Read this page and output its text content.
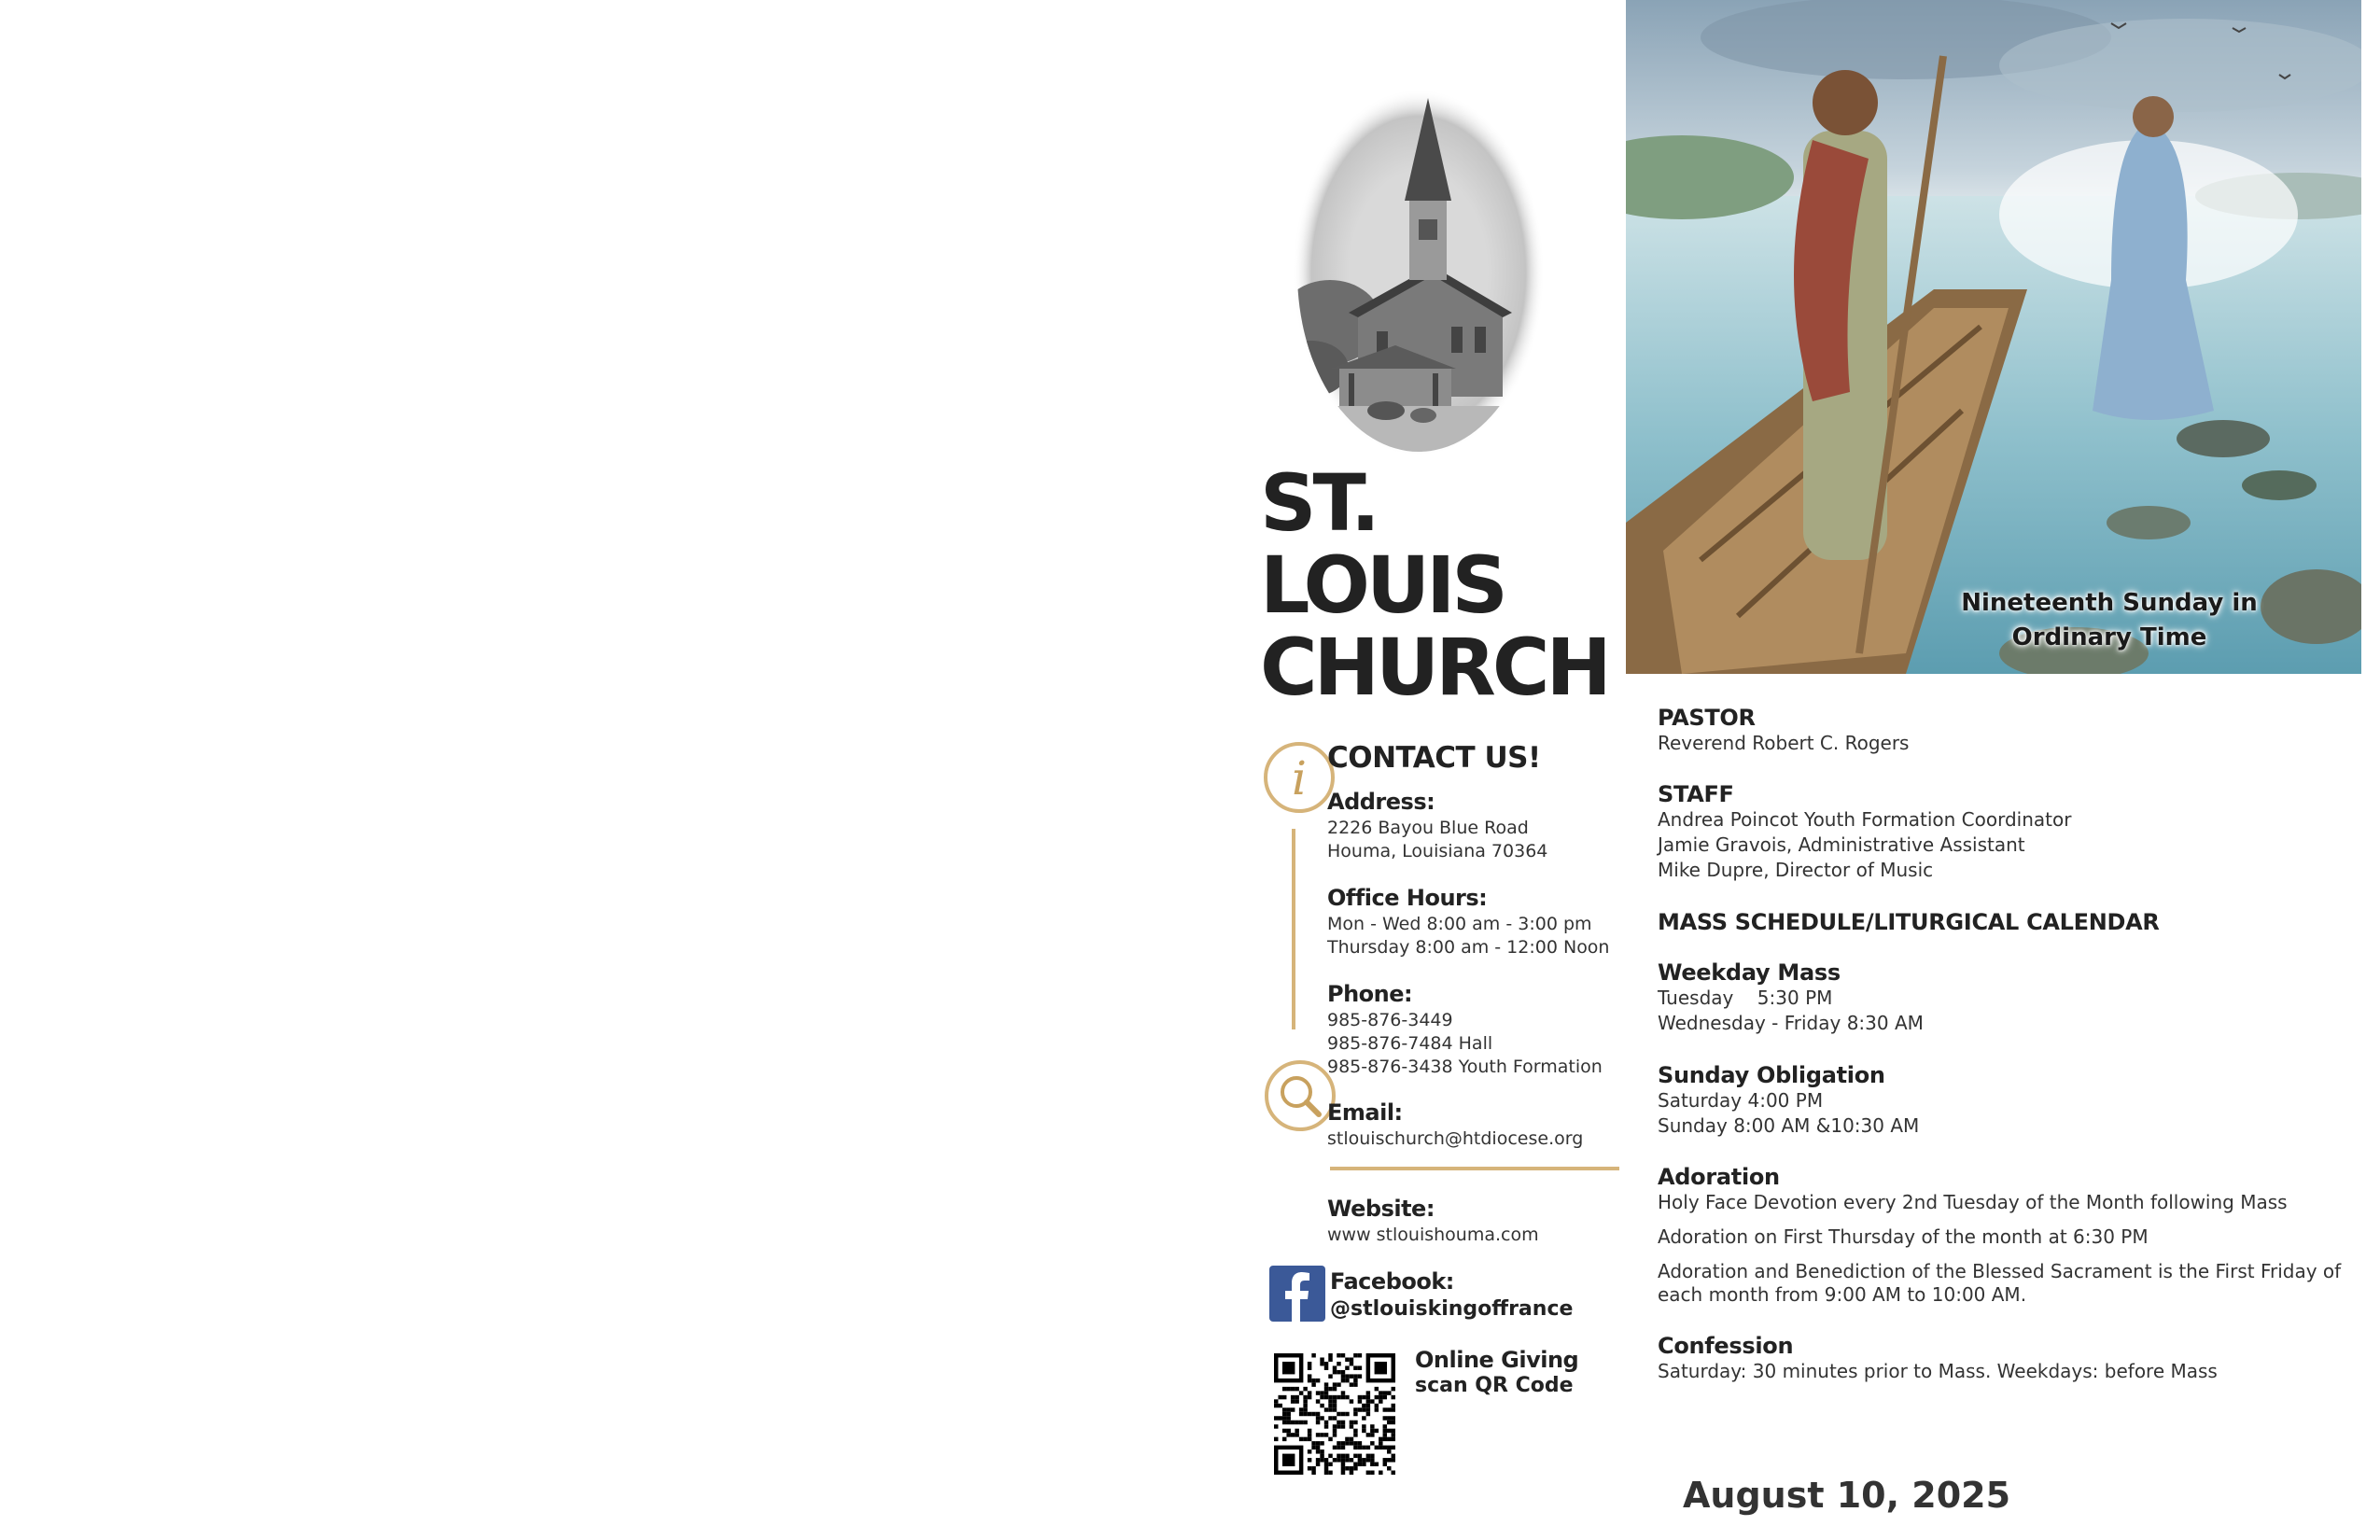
ST.
LOUIS
CHURCH
i CONTACT US!
Address:
2226 Bayou Blue Road
Houma, Louisiana 70364
Office Hours:
Mon - Wed 8:00 am - 3:00 pm
Thursday 8:00 am - 12:00 Noon
Phone:
985-876-3449
985-876-7484 Hall
985-876-3438 Youth Formation
Email:
stlouischurch@htdiocese.org
Website:
www stlouishouma.com
Facebook:
@stlouiskingoffrance
Online Giving
scan QR Code
Nineteenth Sunday in
Ordinary Time
PASTOR
Reverend Robert C. Rogers
STAFF
Andrea Poincot Youth Formation Coordinator
Jamie Gravois, Administrative Assistant
Mike Dupre, Director of Music
MASS SCHEDULE/LITURGICAL CALENDAR
Weekday Mass
Tuesday    5:30 PM
Wednesday - Friday 8:30 AM
Sunday Obligation
Saturday 4:00 PM
Sunday 8:00 AM &10:30 AM
Adoration
Holy Face Devotion every 2nd Tuesday of the Month following Mass
Adoration on First Thursday of the month at 6:30 PM
Adoration and Benediction of the Blessed Sacrament is the First Friday of each month from 9:00 AM to 10:00 AM.
Confession
Saturday: 30 minutes prior to Mass. Weekdays: before Mass
August 10, 2025
